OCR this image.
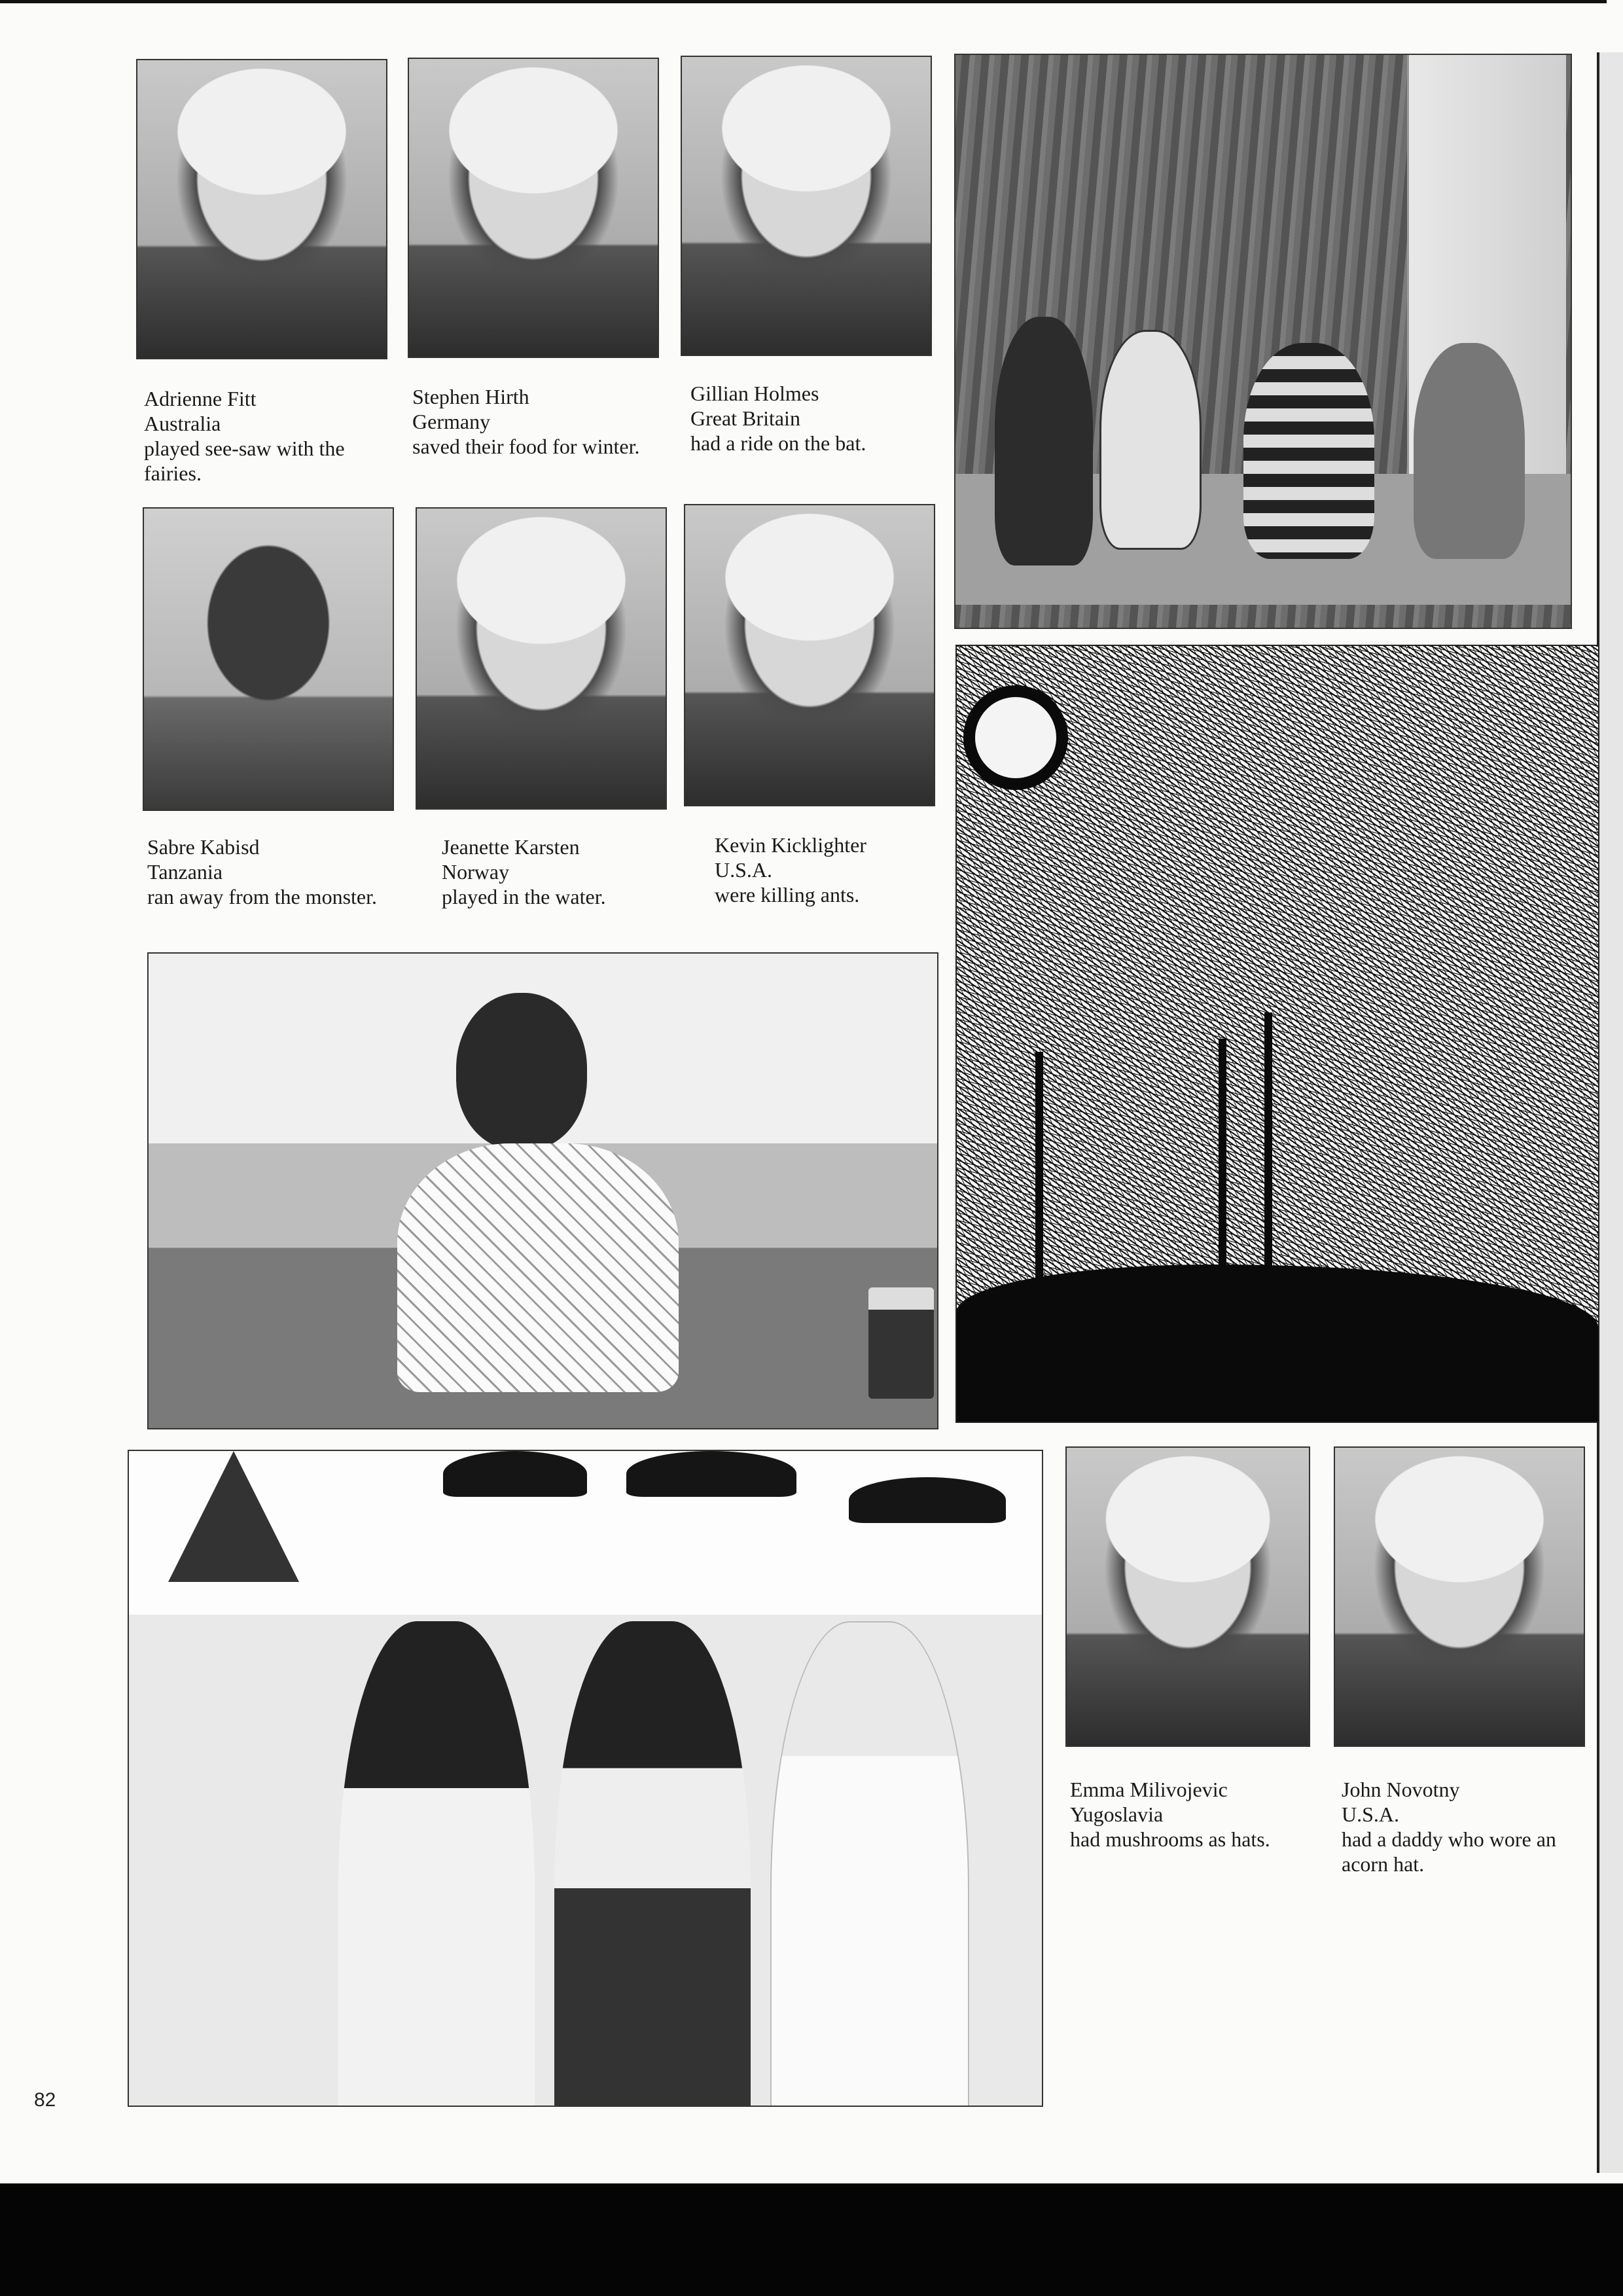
Adrienne Fitt
Australia
played see-saw with the fairies.
Stephen Hirth
Germany
saved their food for winter.
Gillian Holmes
Great Britain
had a ride on the bat.
Sabre Kabisd
Tanzania
ran away from the monster.
Jeanette Karsten
Norway
played in the water.
Kevin Kicklighter
U.S.A.
were killing ants.
Emma Milivojevic
Yugoslavia
had mushrooms as hats.
John Novotny
U.S.A.
had a daddy who wore an acorn hat.
82
